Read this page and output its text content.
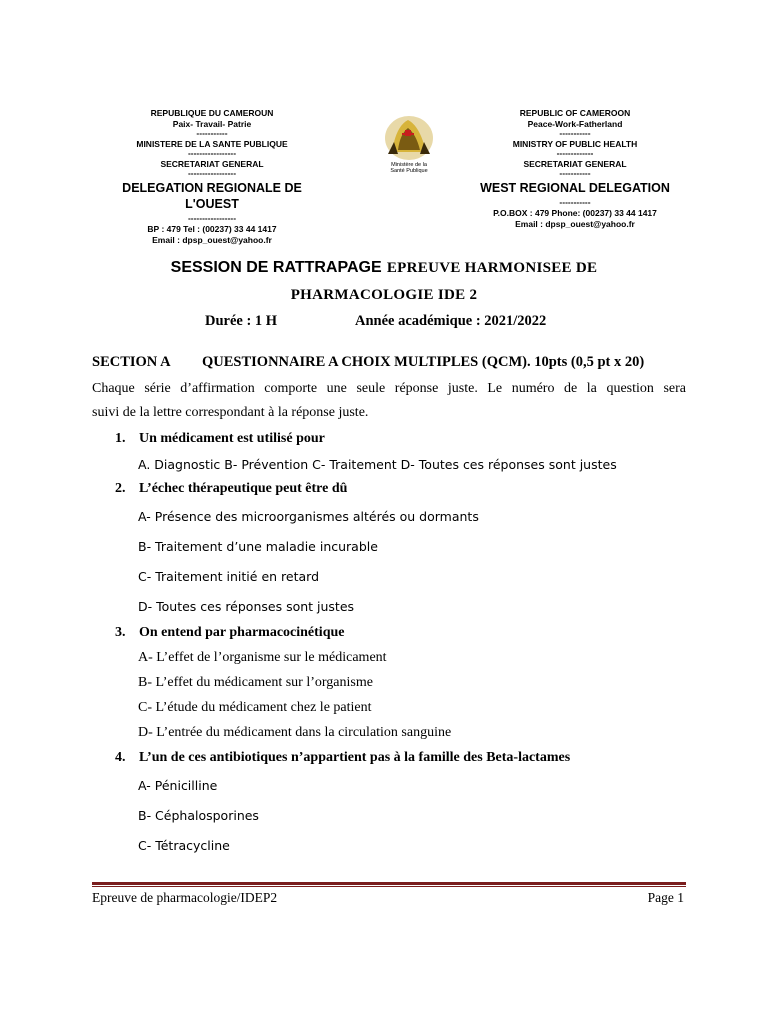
REPUBLIQUE DU CAMEROUN
Paix- Travail- Patrie
-----------
MINISTERE DE LA SANTE PUBLIQUE
-----------------
SECRETARIAT GENERAL
-----------------
DELEGATION REGIONALE DE L'OUEST
-----------------
BP : 479 Tel : (00237) 33 44 1417
Email : dpsp_ouest@yahoo.fr
Ministère de la
Santé Publique
REPUBLIC OF CAMEROON
Peace-Work-Fatherland
-----------
MINISTRY OF PUBLIC HEALTH
-------------
SECRETARIAT GENERAL
-----------
WEST REGIONAL DELEGATION
-----------
P.O.BOX : 479 Phone: (00237) 33 44 1417
Email : dpsp_ouest@yahoo.fr
SESSION DE RATTRAPAGE EPREUVE HARMONISEE DE
PHARMACOLOGIE IDE 2
Durée : 1 H	Année académique : 2021/2022
SECTION A QUESTIONNAIRE A CHOIX MULTIPLES (QCM). 10pts (0,5 pt x 20)
Chaque série d’affirmation comporte une seule réponse juste. Le numéro de la question sera
suivi de la lettre correspondant à la réponse juste.
1. Un médicament est utilisé pour
A. Diagnostic B- Prévention C- Traitement D- Toutes ces réponses sont justes
2. L’échec thérapeutique peut être dû
A- Présence des microorganismes altérés ou dormants
B- Traitement d’une maladie incurable
C- Traitement initié en retard
D- Toutes ces réponses sont justes
3. On entend par pharmacocinétique
A- L’effet de l’organisme sur le médicament
B- L’effet du médicament sur l’organisme
C- L’étude du médicament chez le patient
D- L’entrée du médicament dans la circulation sanguine
4. L’un de ces antibiotiques n’appartient pas à la famille des Beta-lactames
A- Pénicilline
B- Céphalosporines
C- Tétracycline
Epreuve de pharmacologie/IDEP2	Page 1
